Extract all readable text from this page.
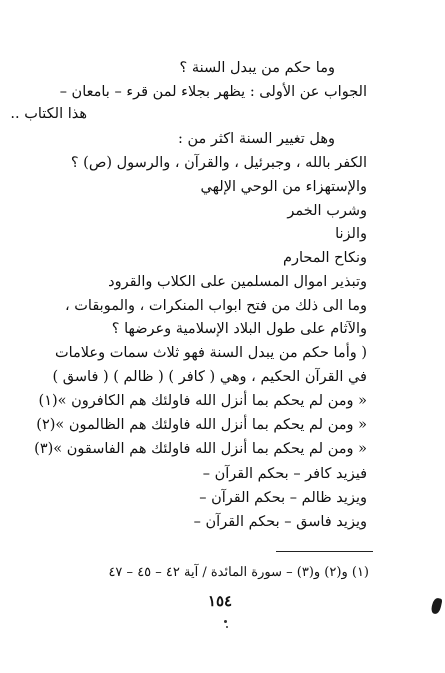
وما حكم من يبدل السنة ؟
الجواب عن الأولى : يظهر بجلاء لمن قرء – بامعان –
هذا الكتاب ..
وهل تغيير السنة اكثر من :
الكفر بالله ، وجبرئيل ، والقرآن ، والرسول (ص) ؟
والإستهزاء من الوحي الإلهي
وشرب الخمر
والزنا
ونكاح المحارم
وتبذير اموال المسلمين على الكلاب والقرود
وما الى ذلك من فتح ابواب المنكرات ، والموبقات ،
والآثام على طول البلاد الإسلامية وعرضها ؟
( وأما حكم من يبدل السنة فهو ثلاث سمات وعلامات
في القرآن الحكيم ، وهي ( كافر ) ( ظالم ) ( فاسق )
« ومن لم يحكم بما أنزل الله فاولئك هم الكافرون »(١)
« ومن لم يحكم بما أنزل الله فاولئك هم الظالمون »(٢)
« ومن لم يحكم بما أنزل الله فاولئك هم الفاسقون »(٣)
فيزيد كافر – بحكم القرآن –
ويزيد ظالم – بحكم القرآن –
ويزيد فاسق – بحكم القرآن –
(١) و(٢) و(٣) – سورة المائدة / آية ٤٢ – ٤٥ – ٤٧
١٥٤
